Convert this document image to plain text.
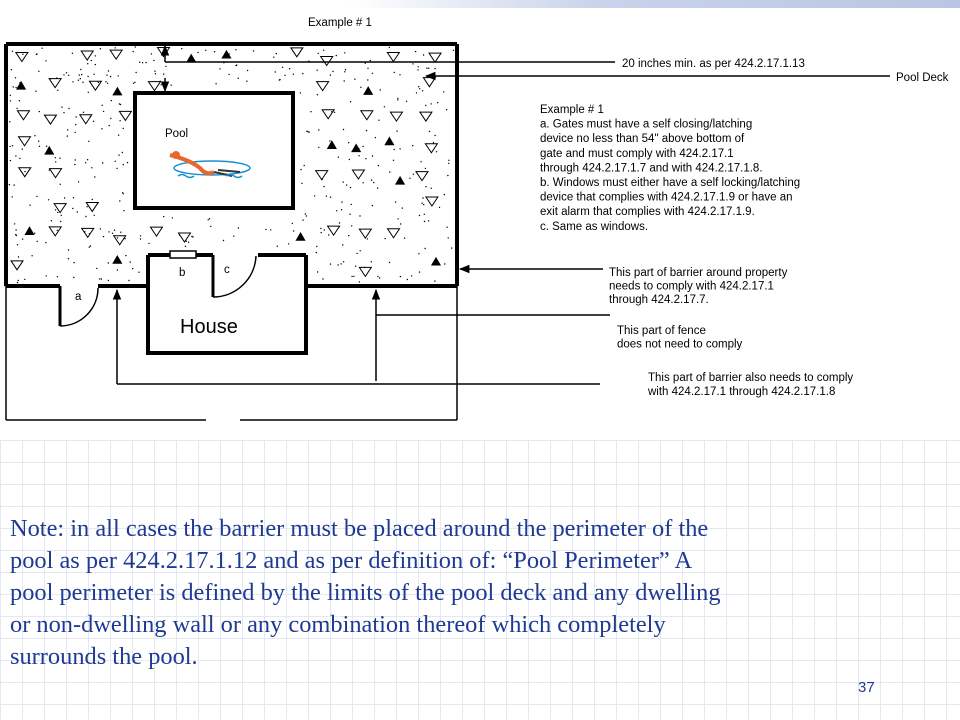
Pool
House
b	c
a
20 inches min. as per 424.2.17.1.13
Pool Deck
Example # 1
Example # 1 a. Gates must have a self closing/latching device no less than 54" above bottom of gate and must comply with 424.2.17.1 through 424.2.17.1.7 and with 424.2.17.1.8. b. Windows must either have a self locking/latching device that complies with 424.2.17.1.9 or have an exit alarm that complies with 424.2.17.1.9. c. Same as windows.
This part of barrier around property needs to comply with 424.2.17.1 through 424.2.17.7.
This part of fence does not need to comply
This part of barrier also needs to comply with 424.2.17.1 through 424.2.17.1.8

Note: in all cases the barrier must be placed around the perimeter of the
pool as per 424.2.17.1.12 and as per definition of: “Pool Perimeter” A
pool perimeter is defined by the limits of the pool deck and any dwelling
or non-dwelling wall or any combination thereof which completely
surrounds the pool.

37
